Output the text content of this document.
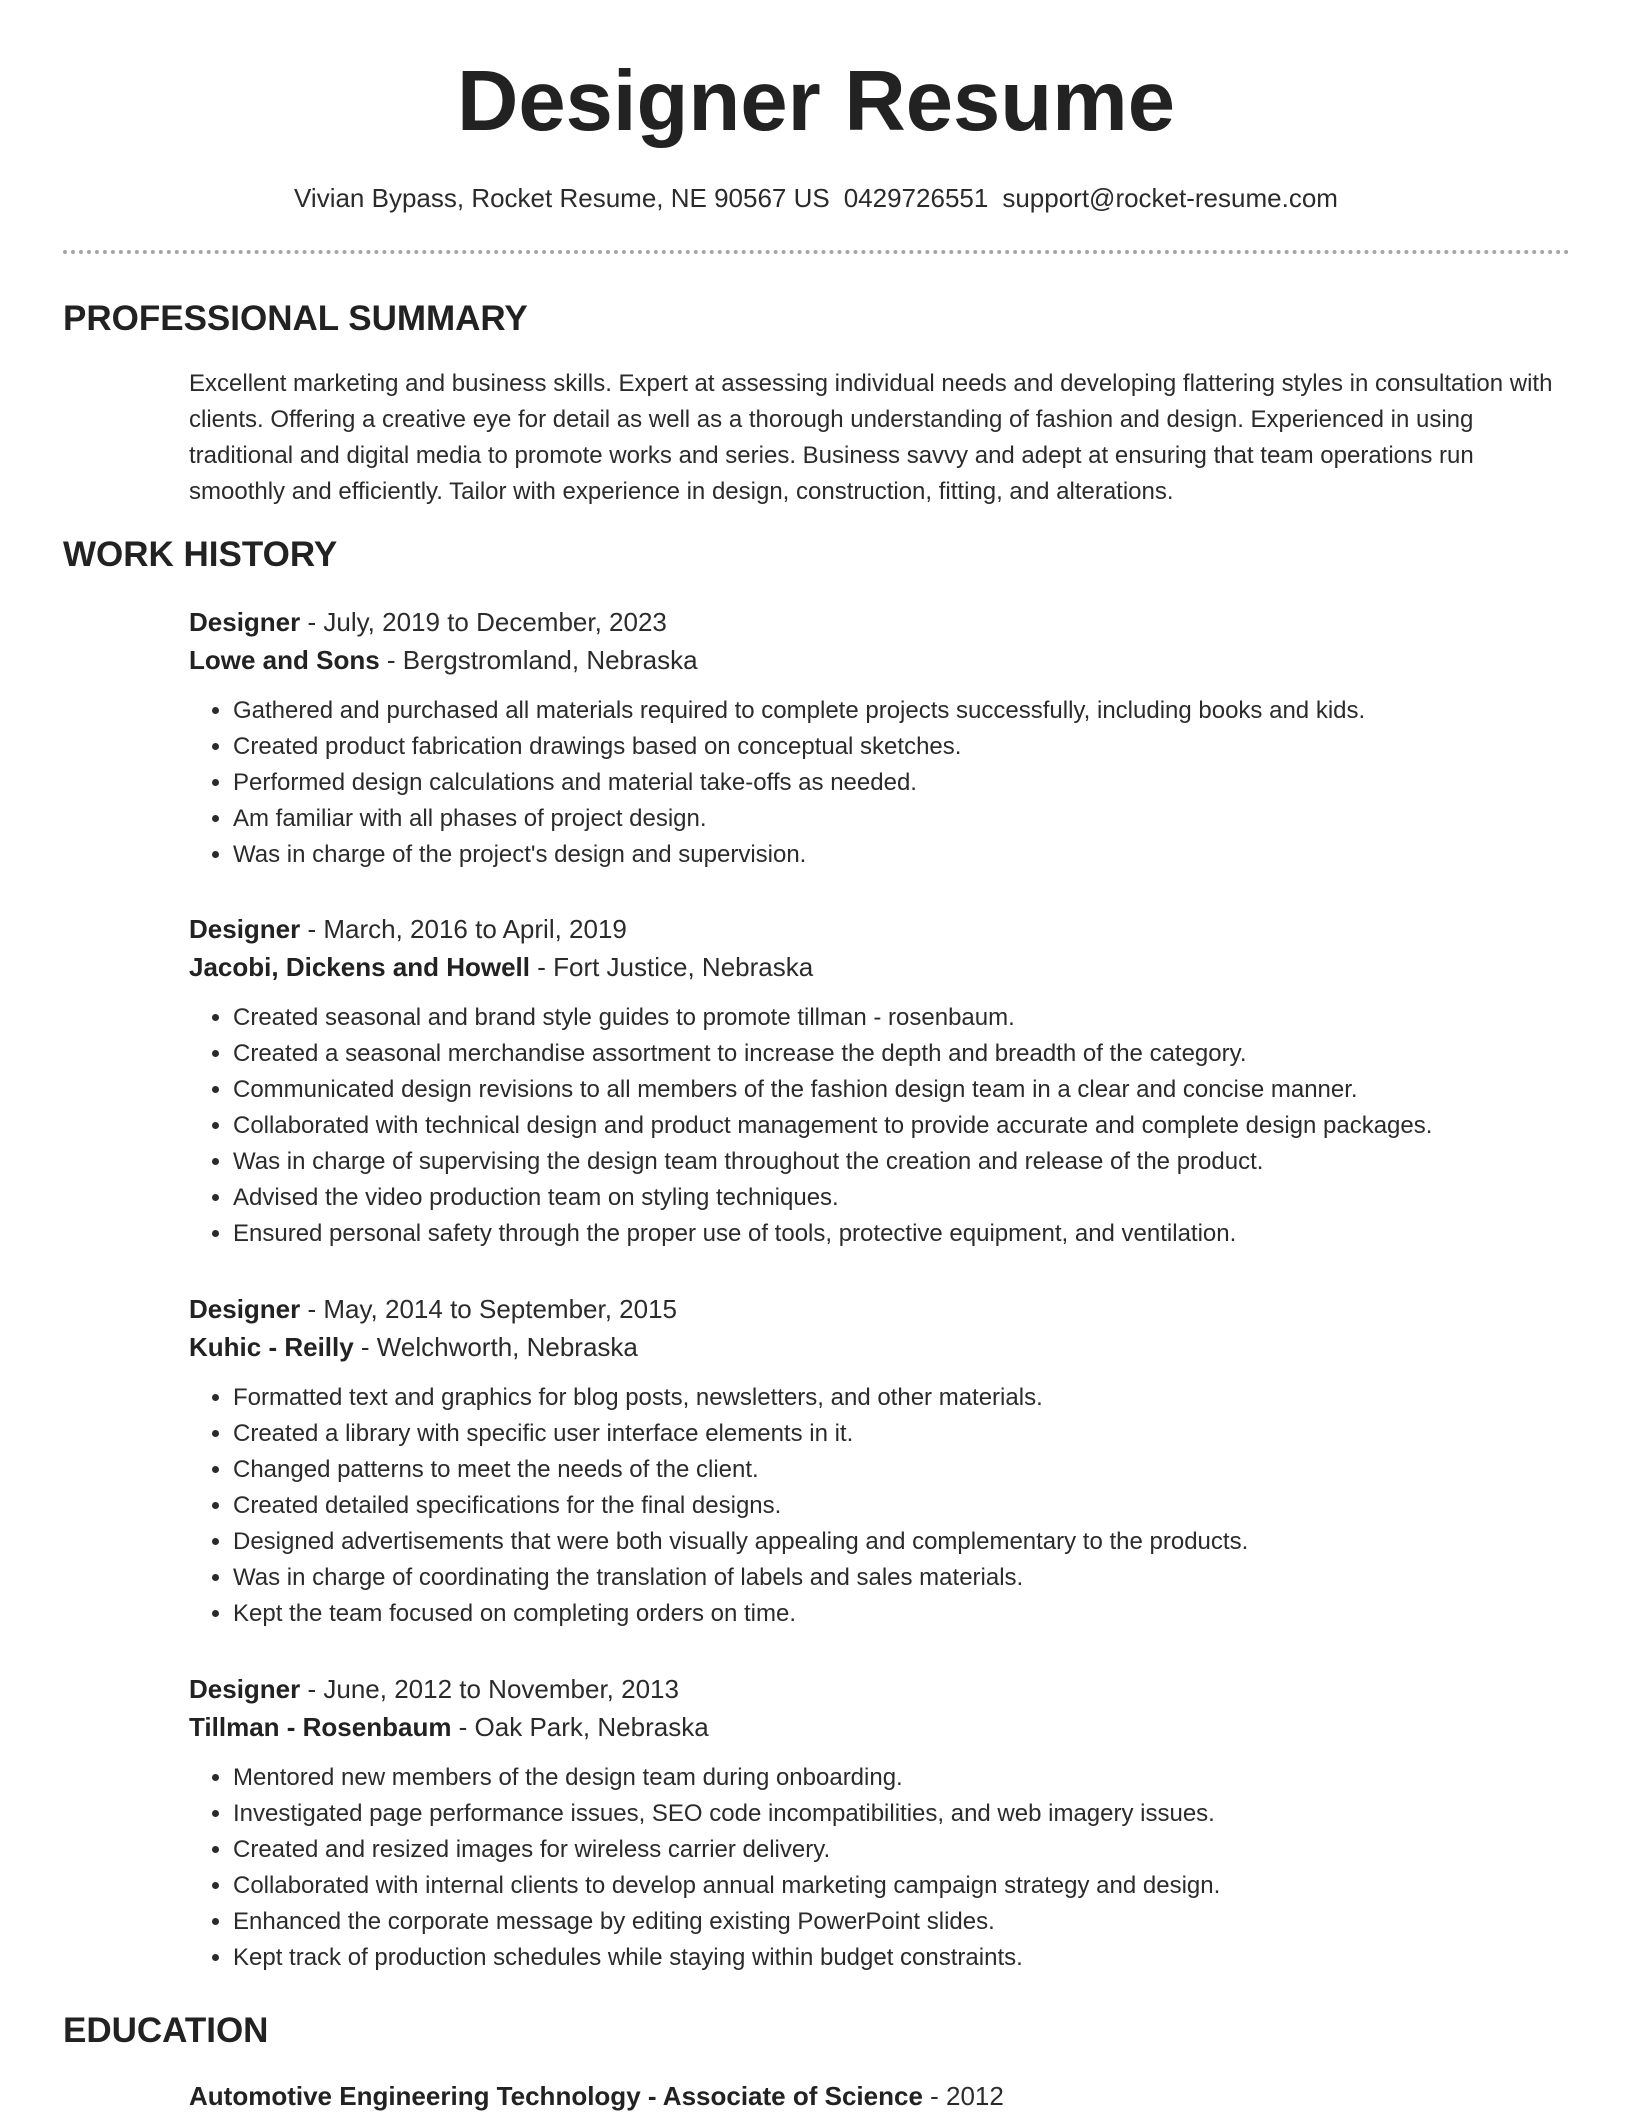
Designer Resume
Vivian Bypass, Rocket Resume, NE 90567 US 0429726551 support@rocket-resume.com
PROFESSIONAL SUMMARY

Excellent marketing and business skills. Expert at assessing individual needs and developing flattering styles in consultation with clients. Offering a creative eye for detail as well as a thorough understanding of fashion and design. Experienced in using traditional and digital media to promote works and series. Business savvy and adept at ensuring that team operations run smoothly and efficiently. Tailor with experience in design, construction, fitting, and alterations.

WORK HISTORY

Designer - July, 2019 to December, 2023

Lowe and Sons - Bergstromland, Nebraska

• Gathered and purchased all materials required to complete projects successfully, including books and kids.
• Created product fabrication drawings based on conceptual sketches.
• Performed design calculations and material take-offs as needed.
• Am familiar with all phases of project design.
• Was in charge of the project's design and supervision.

Designer - March, 2016 to April, 2019

Jacobi, Dickens and Howell - Fort Justice, Nebraska

• Created seasonal and brand style guides to promote tillman - rosenbaum.
• Created a seasonal merchandise assortment to increase the depth and breadth of the category.
• Communicated design revisions to all members of the fashion design team in a clear and concise manner.
• Collaborated with technical design and product management to provide accurate and complete design packages.
• Was in charge of supervising the design team throughout the creation and release of the product.
• Advised the video production team on styling techniques.
• Ensured personal safety through the proper use of tools, protective equipment, and ventilation.

Designer - May, 2014 to September, 2015

Kuhic - Reilly - Welchworth, Nebraska

• Formatted text and graphics for blog posts, newsletters, and other materials.
• Created a library with specific user interface elements in it.
• Changed patterns to meet the needs of the client.
• Created detailed specifications for the final designs.
• Designed advertisements that were both visually appealing and complementary to the products.
• Was in charge of coordinating the translation of labels and sales materials.
• Kept the team focused on completing orders on time.

Designer - June, 2012 to November, 2013

Tillman - Rosenbaum - Oak Park, Nebraska

• Mentored new members of the design team during onboarding.
• Investigated page performance issues, SEO code incompatibilities, and web imagery issues.
• Created and resized images for wireless carrier delivery.
• Collaborated with internal clients to develop annual marketing campaign strategy and design.
• Enhanced the corporate message by editing existing PowerPoint slides.
• Kept track of production schedules while staying within budget constraints.
EDUCATION

Automotive Engineering Technology - Associate of Science - 2012
